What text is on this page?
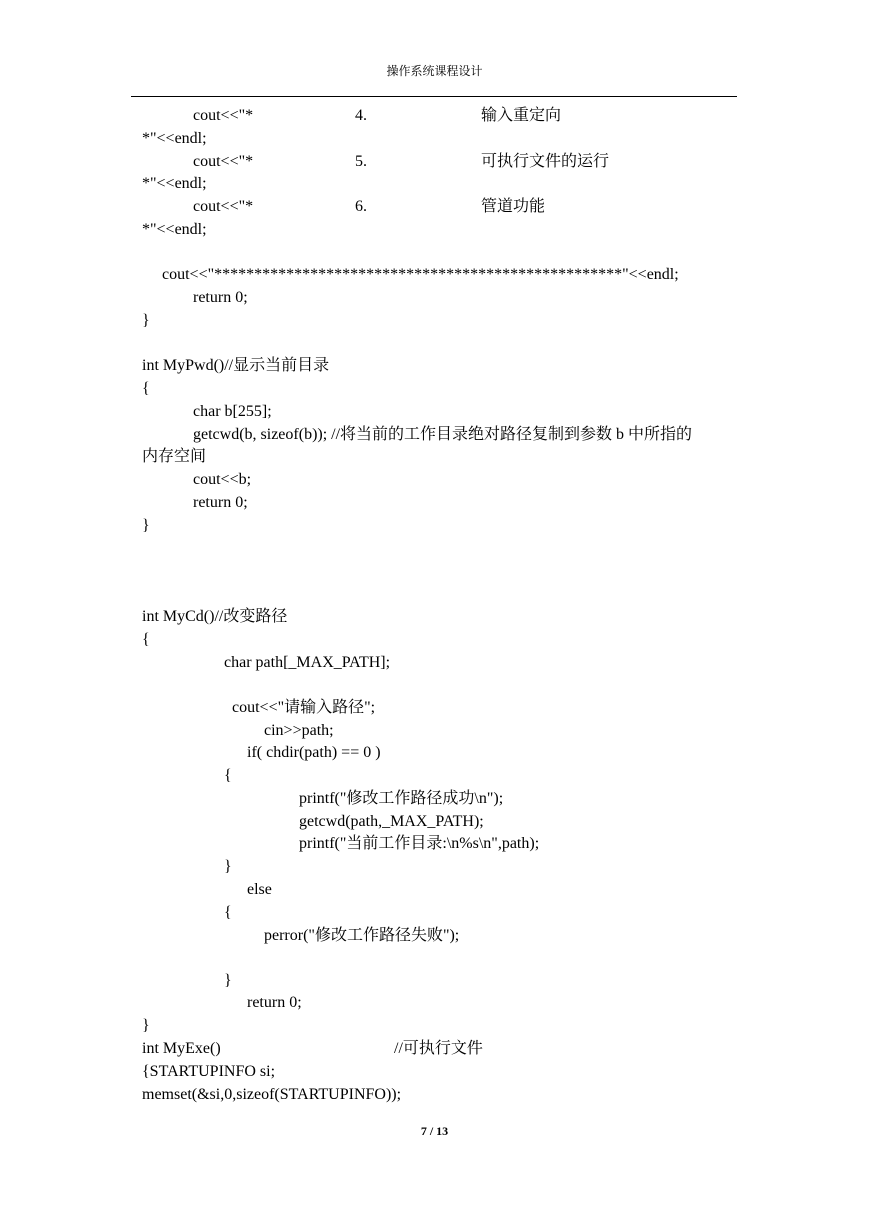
操作系统课程设计
cout<<"*	4.	输入重定向
*"<<endl;
cout<<"*	5.	可执行文件的运行
*"<<endl;
cout<<"*	6.	管道功能
*"<<endl;
cout<<"***************************************************"<<endl;
return 0;
}
int MyPwd()//显示当前目录
{
char b[255];
getcwd(b, sizeof(b)); //将当前的工作目录绝对路径复制到参数 b 中所指的
内存空间
cout<<b;
return 0;
}
int MyCd()//改变路径
{
char path[_MAX_PATH];
cout<<"请输入路径";
cin>>path;
if( chdir(path) == 0 )
{
printf("修改工作路径成功\n");
getcwd(path,_MAX_PATH);
printf("当前工作目录:\n%s\n",path);
}
else
{
perror("修改工作路径失败");
}
return 0;
}
int MyExe()	//可执行文件
{STARTUPINFO si;
memset(&si,0,sizeof(STARTUPINFO));
7 / 13
